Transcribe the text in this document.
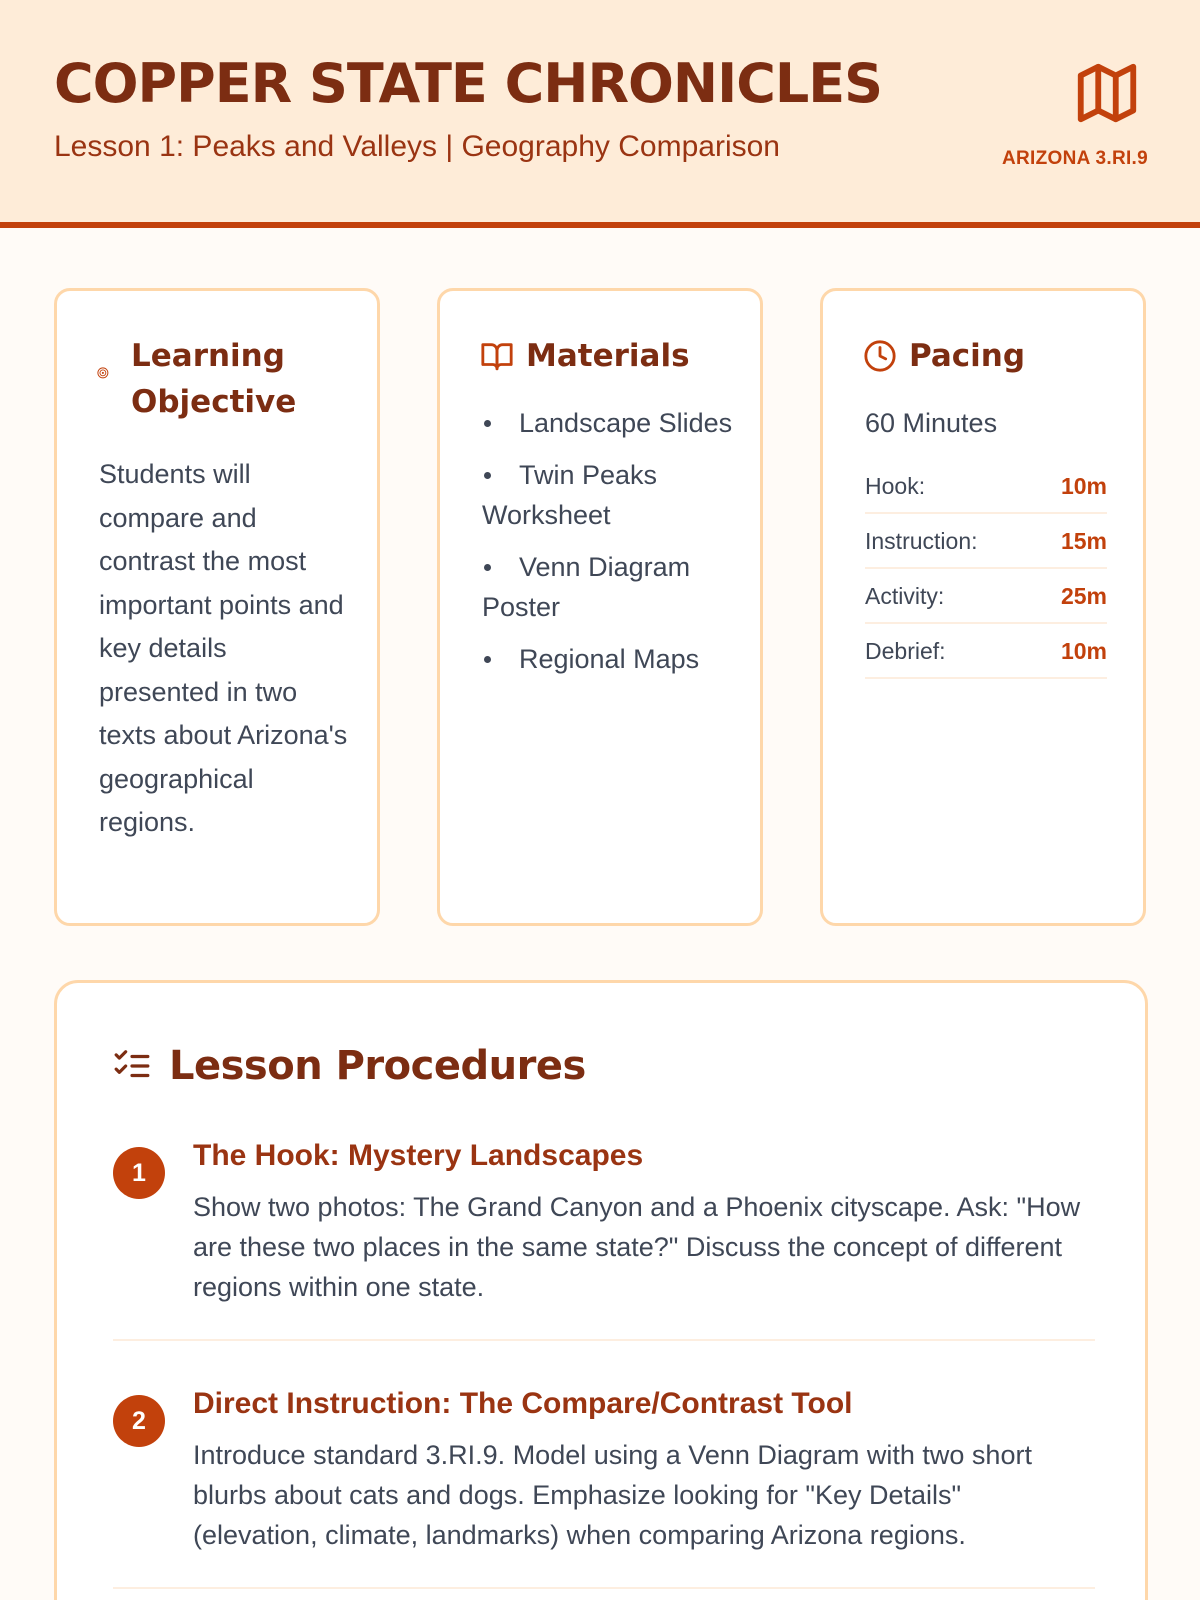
COPPER STATE CHRONICLES
Lesson 1: Peaks and Valleys | Geography Comparison	ARIZONA 3.RI.9
Learning Objective
Students will compare and contrast the most important points and key details presented in two texts about Arizona's geographical regions.
Materials
Landscape Slides
Twin Peaks Worksheet
Venn Diagram Poster
Regional Maps
Pacing
60 Minutes
Hook:	10m
Instruction:	15m
Activity:	25m
Debrief:	10m
Lesson Procedures
1
The Hook: Mystery Landscapes
Show two photos: The Grand Canyon and a Phoenix cityscape. Ask: "How are these two places in the same state?" Discuss the concept of different regions within one state.
2
Direct Instruction: The Compare/Contrast Tool
Introduce standard 3.RI.9. Model using a Venn Diagram with two short blurbs about cats and dogs. Emphasize looking for "Key Details" (elevation, climate, landmarks) when comparing Arizona regions.
